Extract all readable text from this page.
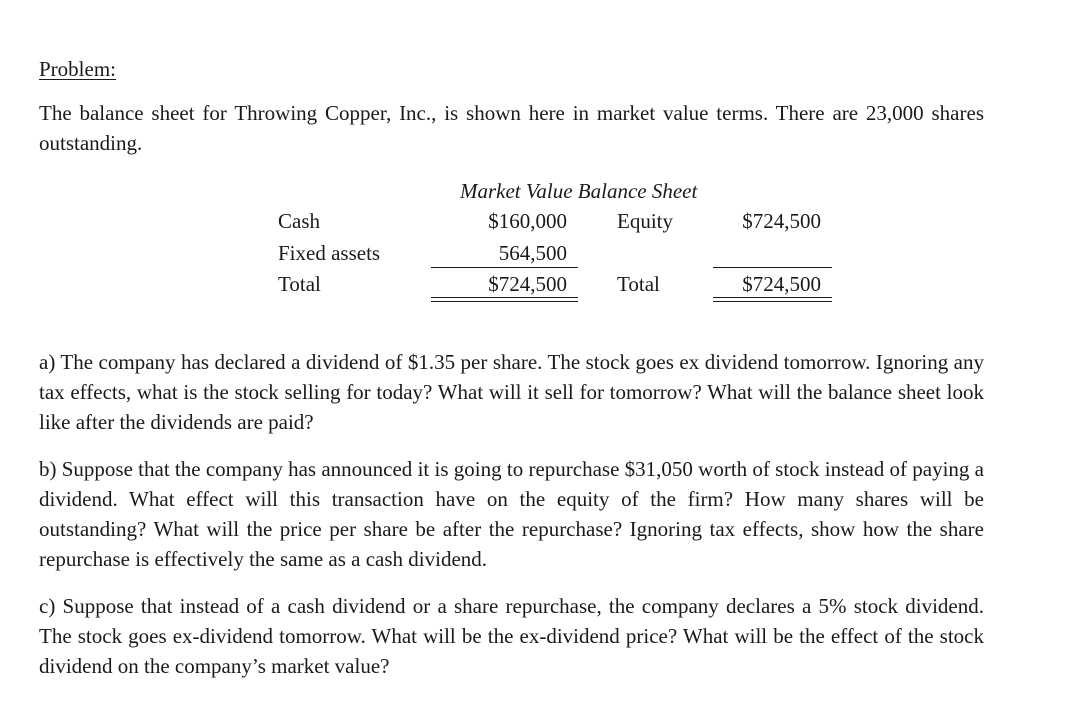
Problem:

The balance sheet for Throwing Copper, Inc., is shown here in market value terms. There are 23,000 shares outstanding.

Market Value Balance Sheet
Cash
Fixed assets
Total
$160,000
564,500
$724,500
Equity	$724,500
Total	$724,500

a) The company has declared a dividend of $1.35 per share. The stock goes ex dividend tomorrow. Ignoring any tax effects, what is the stock selling for today? What will it sell for tomorrow? What will the balance sheet look like after the dividends are paid?

b) Suppose that the company has announced it is going to repurchase $31,050 worth of stock instead of paying a dividend. What effect will this transaction have on the equity of the firm? How many shares will be outstanding? What will the price per share be after the repurchase? Ignoring tax effects, show how the share repurchase is effectively the same as a cash dividend.

c) Suppose that instead of a cash dividend or a share repurchase, the company declares a 5% stock dividend. The stock goes ex-dividend tomorrow. What will be the ex-dividend price? What will be the effect of the stock dividend on the company’s market value?
